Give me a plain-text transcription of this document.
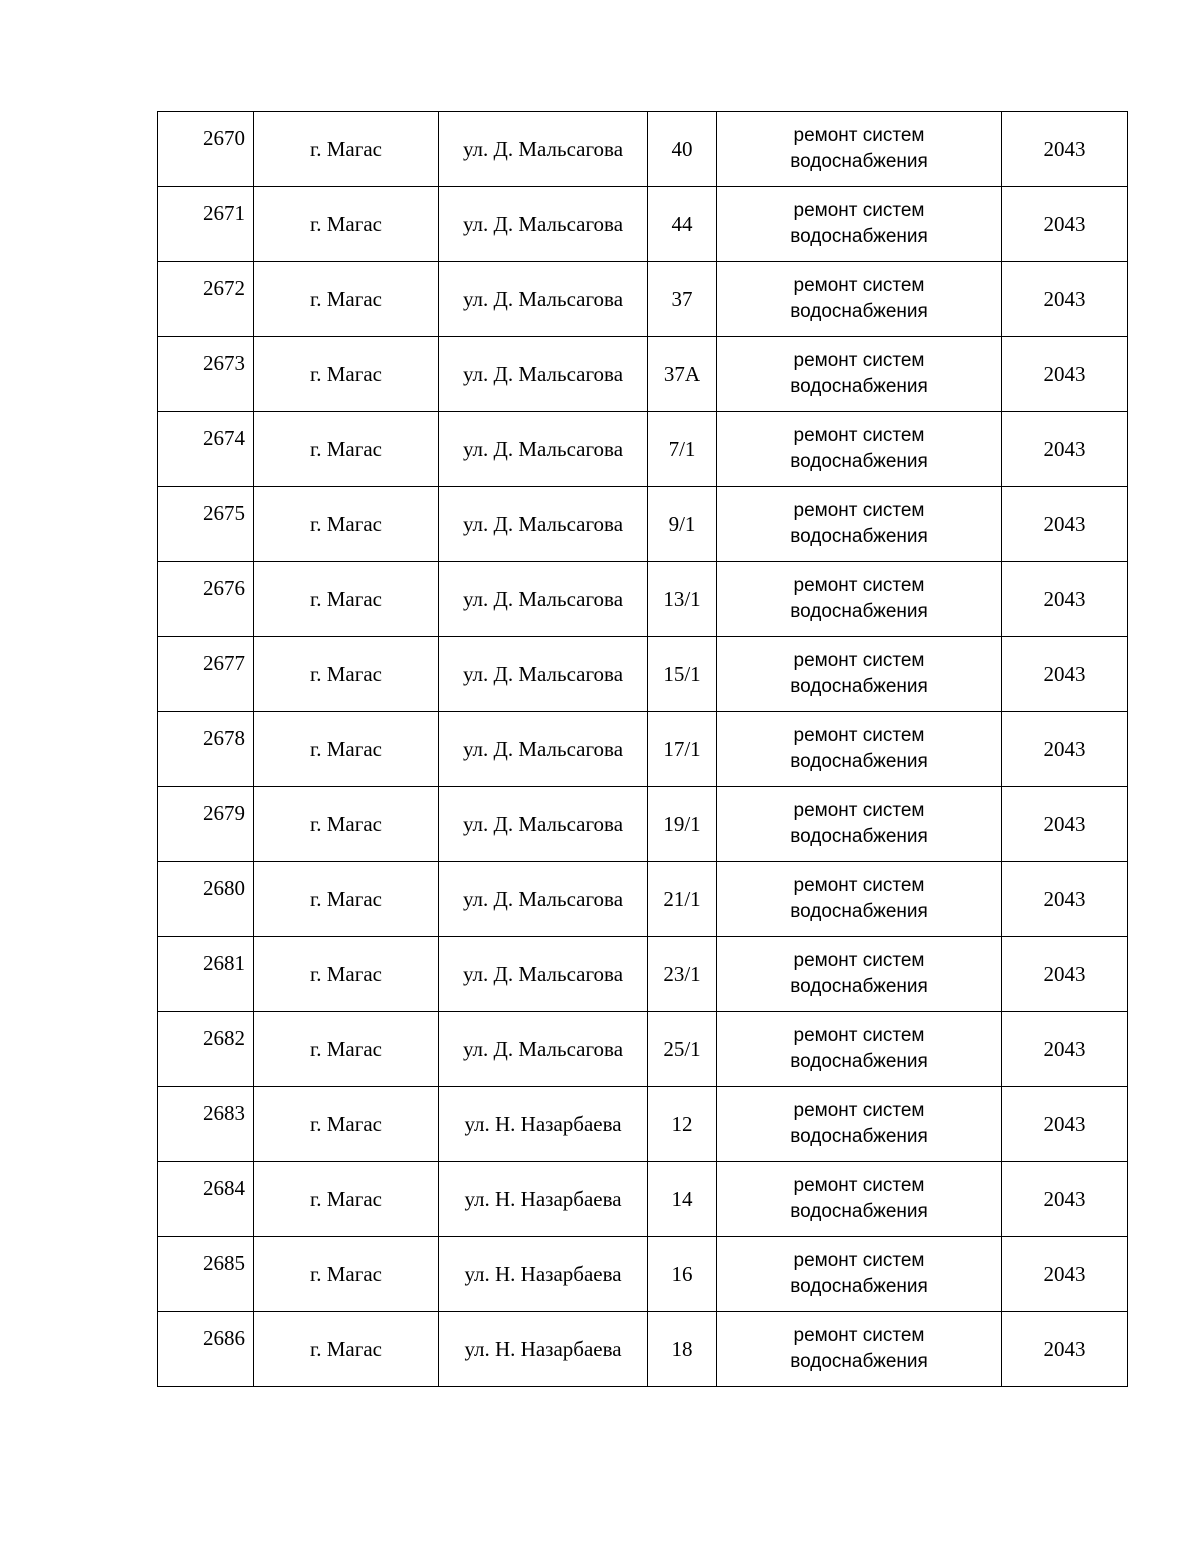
2670	г. Магас	ул. Д. Мальсагова	40	ремонт систем
водоснабжения	2043
2671	г. Магас	ул. Д. Мальсагова	44	ремонт систем
водоснабжения	2043
2672	г. Магас	ул. Д. Мальсагова	37	ремонт систем
водоснабжения	2043
2673	г. Магас	ул. Д. Мальсагова	37А	ремонт систем
водоснабжения	2043
2674	г. Магас	ул. Д. Мальсагова	7/1	ремонт систем
водоснабжения	2043
2675	г. Магас	ул. Д. Мальсагова	9/1	ремонт систем
водоснабжения	2043
2676	г. Магас	ул. Д. Мальсагова	13/1	ремонт систем
водоснабжения	2043
2677	г. Магас	ул. Д. Мальсагова	15/1	ремонт систем
водоснабжения	2043
2678	г. Магас	ул. Д. Мальсагова	17/1	ремонт систем
водоснабжения	2043
2679	г. Магас	ул. Д. Мальсагова	19/1	ремонт систем
водоснабжения	2043
2680	г. Магас	ул. Д. Мальсагова	21/1	ремонт систем
водоснабжения	2043
2681	г. Магас	ул. Д. Мальсагова	23/1	ремонт систем
водоснабжения	2043
2682	г. Магас	ул. Д. Мальсагова	25/1	ремонт систем
водоснабжения	2043
2683	г. Магас	ул. Н. Назарбаева	12	ремонт систем
водоснабжения	2043
2684	г. Магас	ул. Н. Назарбаева	14	ремонт систем
водоснабжения	2043
2685	г. Магас	ул. Н. Назарбаева	16	ремонт систем
водоснабжения	2043
2686	г. Магас	ул. Н. Назарбаева	18	ремонт систем
водоснабжения	2043
